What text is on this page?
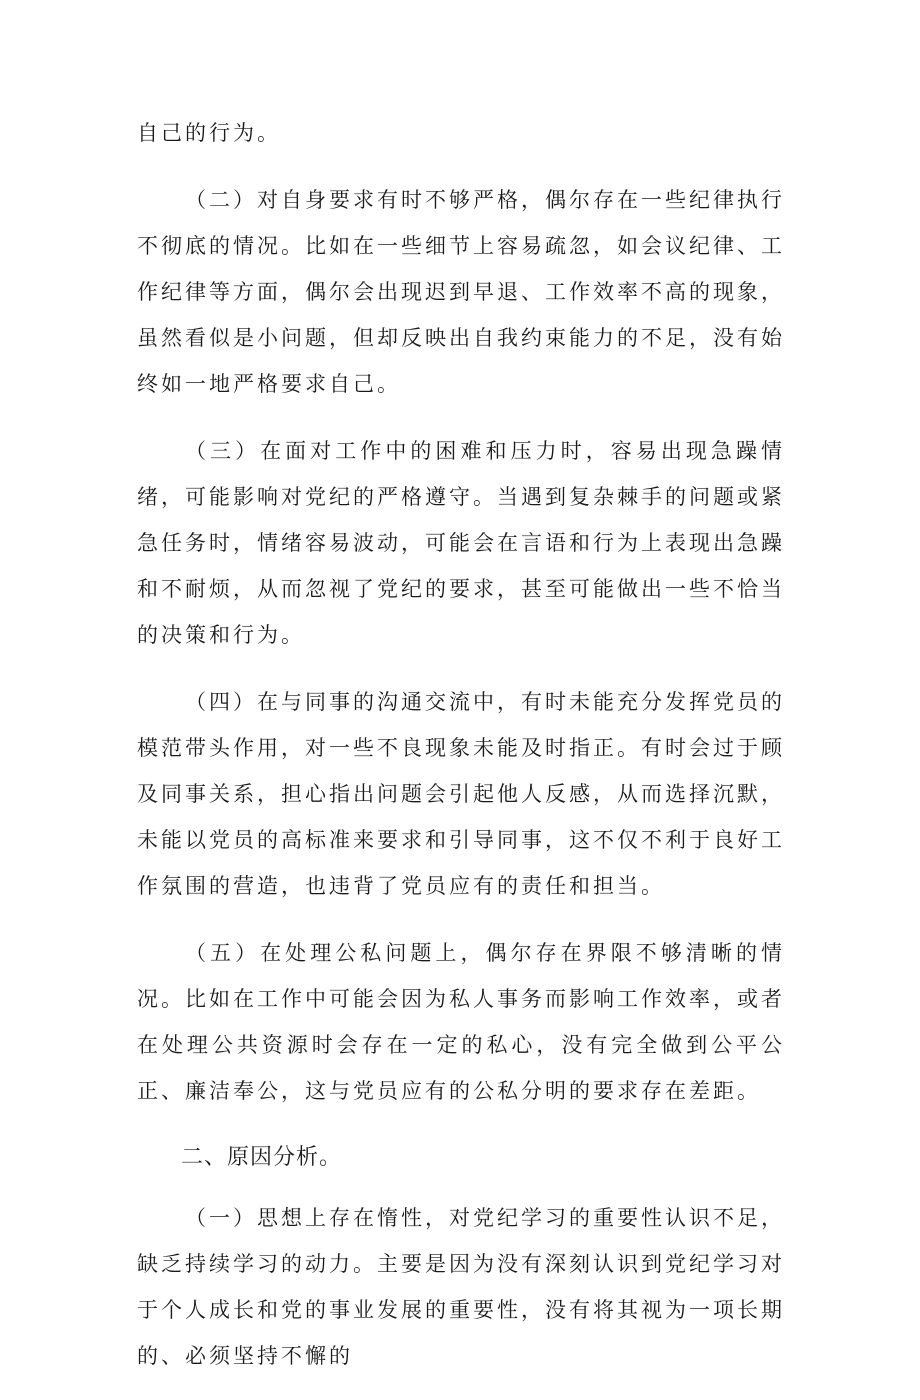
自己的行为。

（二）对自身要求有时不够严格，偶尔存在一些纪律执行不彻底的情况。比如在一些细节上容易疏忽，如会议纪律、工作纪律等方面，偶尔会出现迟到早退、工作效率不高的现象，虽然看似是小问题，但却反映出自我约束能力的不足，没有始终如一地严格要求自己。

（三）在面对工作中的困难和压力时，容易出现急躁情绪，可能影响对党纪的严格遵守。当遇到复杂棘手的问题或紧急任务时，情绪容易波动，可能会在言语和行为上表现出急躁和不耐烦，从而忽视了党纪的要求，甚至可能做出一些不恰当的决策和行为。

（四）在与同事的沟通交流中，有时未能充分发挥党员的模范带头作用，对一些不良现象未能及时指正。有时会过于顾及同事关系，担心指出问题会引起他人反感，从而选择沉默，未能以党员的高标准来要求和引导同事，这不仅不利于良好工作氛围的营造，也违背了党员应有的责任和担当。

（五）在处理公私问题上，偶尔存在界限不够清晰的情况。比如在工作中可能会因为私人事务而影响工作效率，或者在处理公共资源时会存在一定的私心，没有完全做到公平公正、廉洁奉公，这与党员应有的公私分明的要求存在差距。

二、原因分析。

（一）思想上存在惰性，对党纪学习的重要性认识不足，缺乏持续学习的动力。主要是因为没有深刻认识到党纪学习对于个人成长和党的事业发展的重要性，没有将其视为一项长期的、必须坚持不懈的
